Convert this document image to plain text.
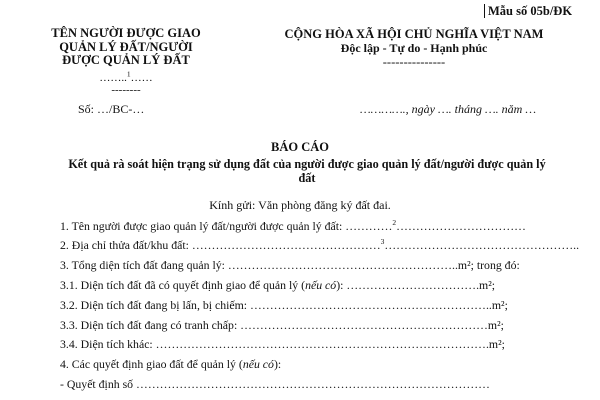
Mẫu số 05b/ĐK
TÊN NGƯỜI ĐƯỢC GIAO QUẢN LÝ ĐẤT/NGƯỜI ĐƯỢC QUẢN LÝ ĐẤT
……..$^1$……
--------
CỘNG HÒA XÃ HỘI CHỦ NGHĨA VIỆT NAM
Độc lập - Tự do - Hạnh phúc
---------------
Số: …/BC-…	…………., ngày …. tháng …. năm …
BÁO CÁO
Kết quả rà soát hiện trạng sử dụng đất của người được giao quản lý đất/người được quản lý đất
Kính gửi: Văn phòng đăng ký đất đai.
1. Tên người được giao quản lý đất/người được quản lý đất: …………$^2$……………………………
2. Địa chỉ thửa đất/khu đất: …………………………………………$^3$…………………………………………..
3. Tổng diện tích đất đang quản lý: …………………………………………………..m²; trong đó:
3.1. Diện tích đất đã có quyết định giao để quản lý (nếu có): …………………………….m²;
3.2. Diện tích đất đang bị lấn, bị chiếm: ……………………………………………………..m²;
3.3. Diện tích đất đang có tranh chấp: ………………………………………………………m²;
3.4. Diện tích khác: ………………………………………………………………………….m²;
4. Các quyết định giao đất để quản lý (nếu có):
- Quyết định số ………………………………………………………………………………
